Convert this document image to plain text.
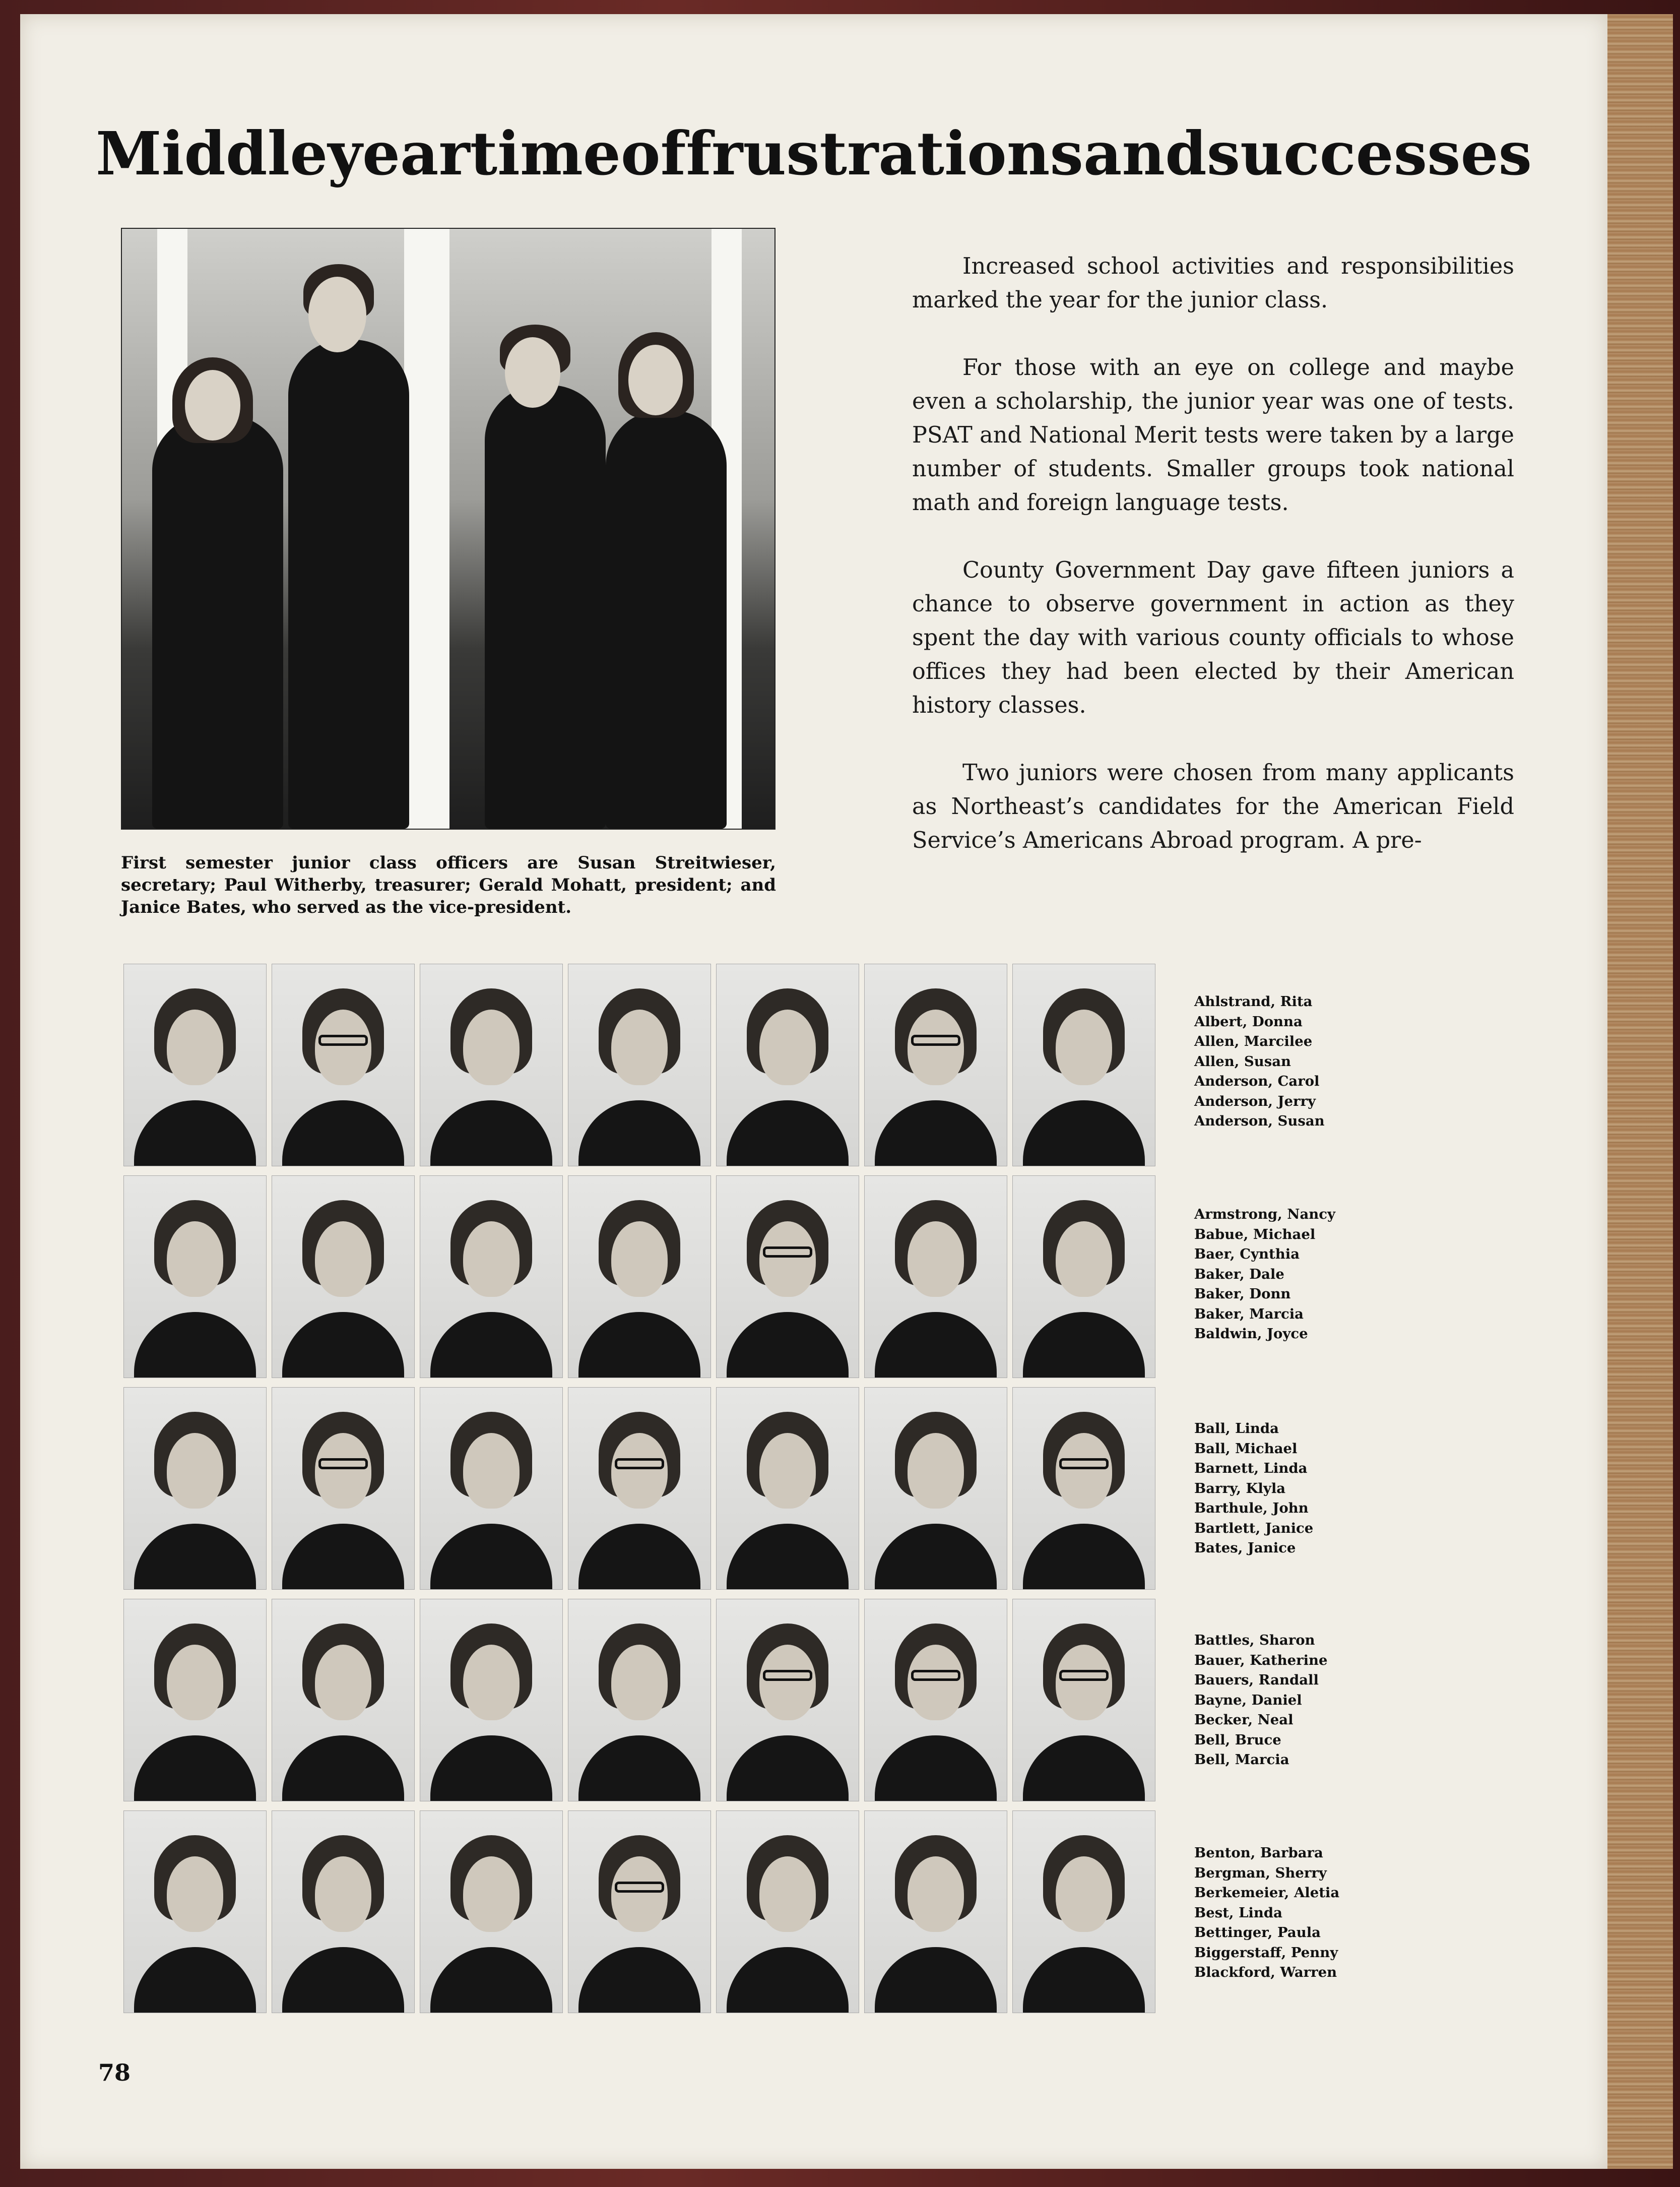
Middle year time of frustrations and successes
First semester junior class officers are Susan Streitwieser, secretary; Paul Witherby, treasurer; Gerald Mohatt, president; and Janice Bates, who served as the vice-president.

Increased school activities and responsibilities marked the year for the junior class.

For those with an eye on college and maybe even a scholarship, the junior year was one of tests. PSAT and National Merit tests were taken by a large number of students. Smaller groups took national math and foreign language tests.

County Government Day gave fifteen juniors a chance to observe government in action as they spent the day with various county officials to whose offices they had been elected by their American history classes.

Two juniors were chosen from many applicants as Northeast’s candidates for the American Field Service’s Americans Abroad program. A pre-

Ahlstrand, Rita
Albert, Donna
Allen, Marcilee
Allen, Susan
Anderson, Carol
Anderson, Jerry
Anderson, Susan
Armstrong, Nancy
Babue, Michael
Baer, Cynthia
Baker, Dale
Baker, Donn
Baker, Marcia
Baldwin, Joyce
Ball, Linda
Ball, Michael
Barnett, Linda
Barry, Klyla
Barthule, John
Bartlett, Janice
Bates, Janice
Battles, Sharon
Bauer, Katherine
Bauers, Randall
Bayne, Daniel
Becker, Neal
Bell, Bruce
Bell, Marcia
Benton, Barbara
Bergman, Sherry
Berkemeier, Aletia
Best, Linda
Bettinger, Paula
Biggerstaff, Penny
Blackford, Warren
78
